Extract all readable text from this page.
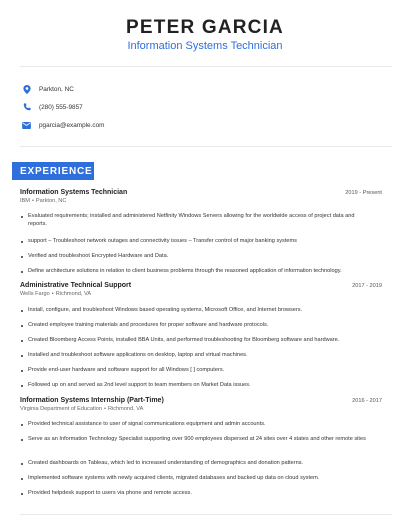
PETER GARCIA
Information Systems Technician
Parkton, NC
(280) 555-9857
pgarcia@example.com
EXPERIENCE
Information Systems Technician	2019 - Present
IBM • Parkton, NC
Evaluated requirements; installed and administered Netfinity Windows Servers allowing for the worldwide access of project data and reports.
support – Troubleshoot network outages and connectivity issues – Transfer control of major banking systems
Verified and troubleshoot Encrypted Hardware and Data.
Define architecture solutions in relation to client business problems through the reasoned application of information technology.
Administrative Technical Support	2017 - 2019
Wells Fargo • Richmond, VA
Install, configure, and troubleshoot Windows based operating systems, Microsoft Office, and Internet browsers.
Created employee training materials and procedures for proper software and hardware protocols.
Created Bloomberg Access Points, installed BBA Units, and performed troubleshooting for Bloomberg software and hardware.
Installed and troubleshoot software applications on desktop, laptop and virtual machines.
Provide end-user hardware and software support for all Windows [ ] computers.
Followed up on and served as 2nd level support to team members on Market Data issues.
Information Systems Internship (Part-Time)	2016 - 2017
Virginia Department of Education • Richmond, VA
Provided technical assistance to user of signal communications equipment and admin accounts.
Serve as an Information Technology Specialist supporting over 900 employees dispersed at 24 sites over 4 states and other remote sites
Created dashboards on Tableau, which led to increased understanding of demographics and donation patterns.
Implemented software systems with newly acquired clients, migrated databases and backed up data on cloud system.
Provided helpdesk support to users via phone and remote access.
